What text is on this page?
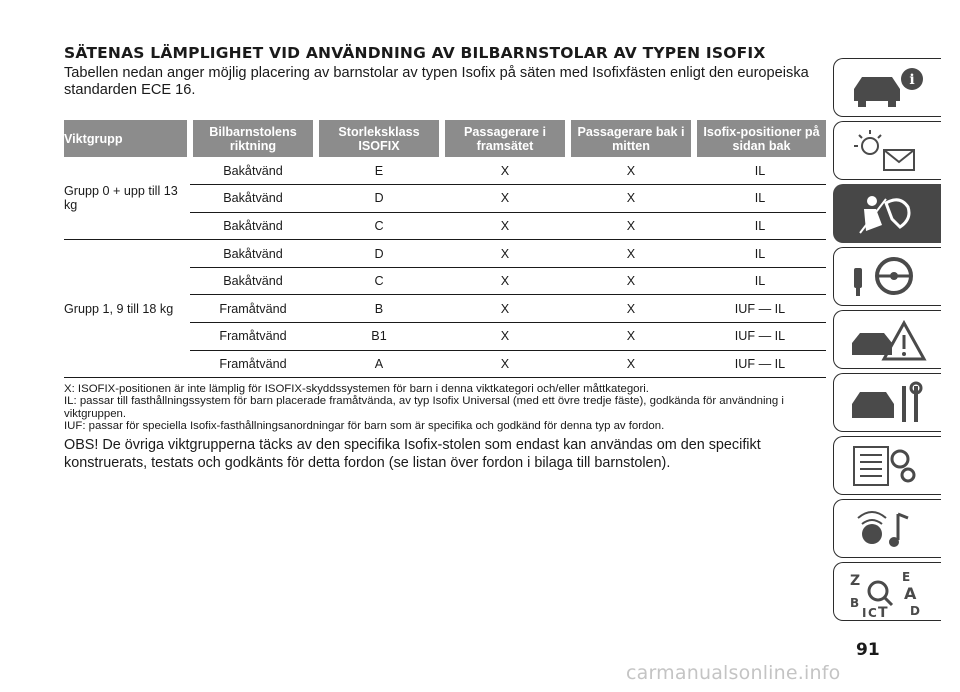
SÄTENAS LÄMPLIGHET VID ANVÄNDNING AV BILBARNSTOLAR AV TYPEN ISOFIX

Tabellen nedan anger möjlig placering av barnstolar av typen Isofix på säten med Isofixfästen enligt den europeiska standarden ECE 16.

Viktgrupp	Bilbarnstolens riktning	Storleksklass ISOFIX	Passagerare i framsätet	Passagerare bak i mitten	Isofix-positioner på sidan bak
Grupp 0 + upp till 13 kg	Bakåtvänd	E	X	X	IL
	Bakåtvänd	D	X	X	IL
	Bakåtvänd	C	X	X	IL
Grupp 1, 9 till 18 kg	Bakåtvänd	D	X	X	IL
	Bakåtvänd	C	X	X	IL
	Framåtvänd	B	X	X	IUF — IL
	Framåtvänd	B1	X	X	IUF — IL
	Framåtvänd	A	X	X	IUF — IL

X: ISOFIX-positionen är inte lämplig för ISOFIX-skyddssystemen för barn i denna viktkategori och/eller måttkategori.

IL: passar till fasthållningssystem för barn placerade framåtvända, av typ Isofix Universal (med ett övre tredje fäste), godkända för användning i viktgruppen.

IUF: passar för speciella Isofix-fasthållningsanordningar för barn som är specifika och godkänd för denna typ av fordon.

OBS! De övriga viktgrupperna täcks av den specifika Isofix-stolen som endast kan användas om den specifikt konstruerats, testats och godkänts för detta fordon (se listan över fordon i bilaga till barnstolen).

i
Z
B
I C T
E
A
D
91
carmanualsonline.info
